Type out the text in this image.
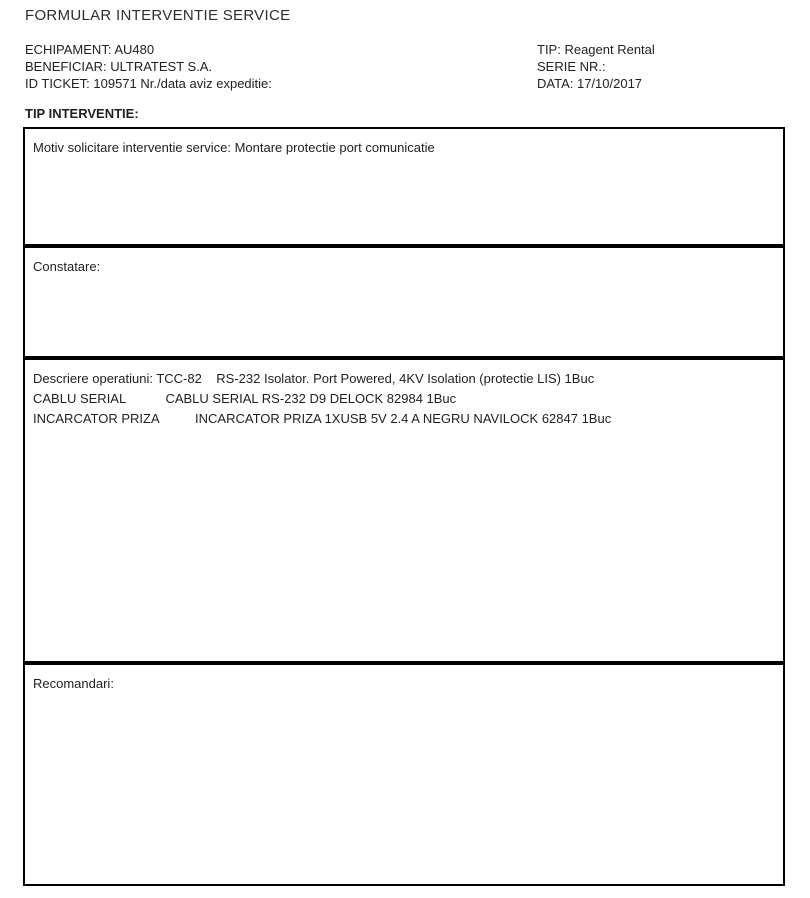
FORMULAR INTERVENTIE SERVICE
ECHIPAMENT: AU480
BENEFICIAR: ULTRATEST S.A.
ID TICKET: 109571 Nr./data aviz expeditie:
TIP: Reagent Rental
SERIE NR.:
DATA: 17/10/2017
TIP INTERVENTIE:
Motiv solicitare interventie service: Montare protectie port comunicatie
Constatare:
Descriere operatiuni: TCC-82    RS-232 Isolator. Port Powered, 4KV Isolation (protectie LIS) 1Buc
CABLU SERIAL           CABLU SERIAL RS-232 D9 DELOCK 82984 1Buc
INCARCATOR PRIZA          INCARCATOR PRIZA 1XUSB 5V 2.4 A NEGRU NAVILOCK 62847 1Buc
Recomandari:
